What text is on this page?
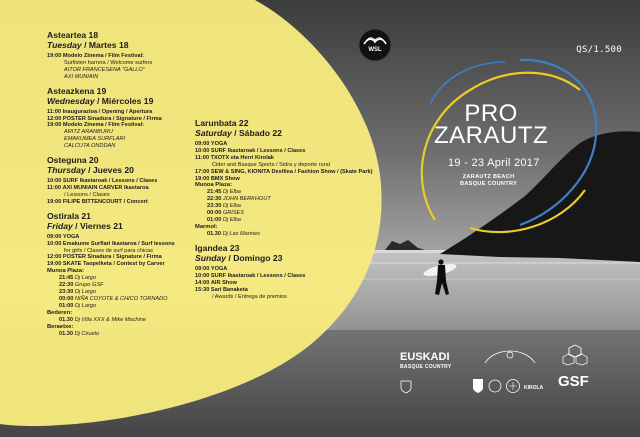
WSL	QS/1.500
PRO
ZARAUTZ
19 - 23 April 2017
ZARAUTZ BEACH
BASQUE COUNTRY
Asteartea 18
Tuesday / Martes 18
19:00 Modelo Zinema / Film Festival:
Surfisten harrera / Welcome surfers
AITOR FRANCESENA "GALLO"
AXI MUNIAIN
Asteazkena 19
Wednesday / Miércoles 19
11:00 Inaugurazioa / Opening / Apertura
12:00 POSTER Sinadura / Signature / Firma
19:00 Modelo Zinema / Film Festival:
ARITZ ARANBURU
EMAKUMEA SURFLARI
CALCUTA ONDDAN
Osteguna 20
Thursday / Jueves 20
10:00 SURF Ikastaroak / Lessons / Clases
11:00 AXI MUNIAIN CARVER Ikastaroa
/ Lessons / Clases
19:00 FILIPE BITTENCOURT / Concert
Ostirala 21
Friday / Viernes 21
09:00 YOGA
10:00 Emakume Surflari Ikastaroa / Surf lessons
for girls / Clases de surf para chicas
12:00 POSTER Sinadura / Signature / Firma
19:00 SKATE Taopelketa / Contest by Carver
Munoa Plaza:
21:45 Dj Largo
22:30 Grupo GSF
23:30 Dj Largo
00:00 NIÑA COYOTE & CHICO TORNADO
01:00 Dj Largo
Bederen:
01.30 Dj Villa XXX & Mike Machine
Beraetxe:
01.30 Dj Ciruelo
Larunbata 22
Saturday / Sábado 22
09:00 YOGA
10:00 SURF Ikastaroak / Lessons / Clases
11:00 TXOTX eta Herri Kirolak
Cider and Basque Sports / Sidra y deporte rural
17:00 SEW & SING, KIONITA Desfilea / Fashion Show / (Skate Park)
19:00 BMX Show
Munoa Plaza:
21:45 Dj Elba
22:30 JOHN BERKHOUT
23:30 Dj Elba
00:00 GRISES
01:00 Dj Elba
Marmol:
01.30 Dj Las Marines
Igandea 23
Sunday / Domingo 23
09:00 YOGA
10:00 SURF Ikastaroak / Lessons / Clases
14:00 AIR Show
15:30 Sari Banaketa
/ Awards / Entrega de premios
EUSKADI
BASQUE COUNTRY
KIROLA GSF
